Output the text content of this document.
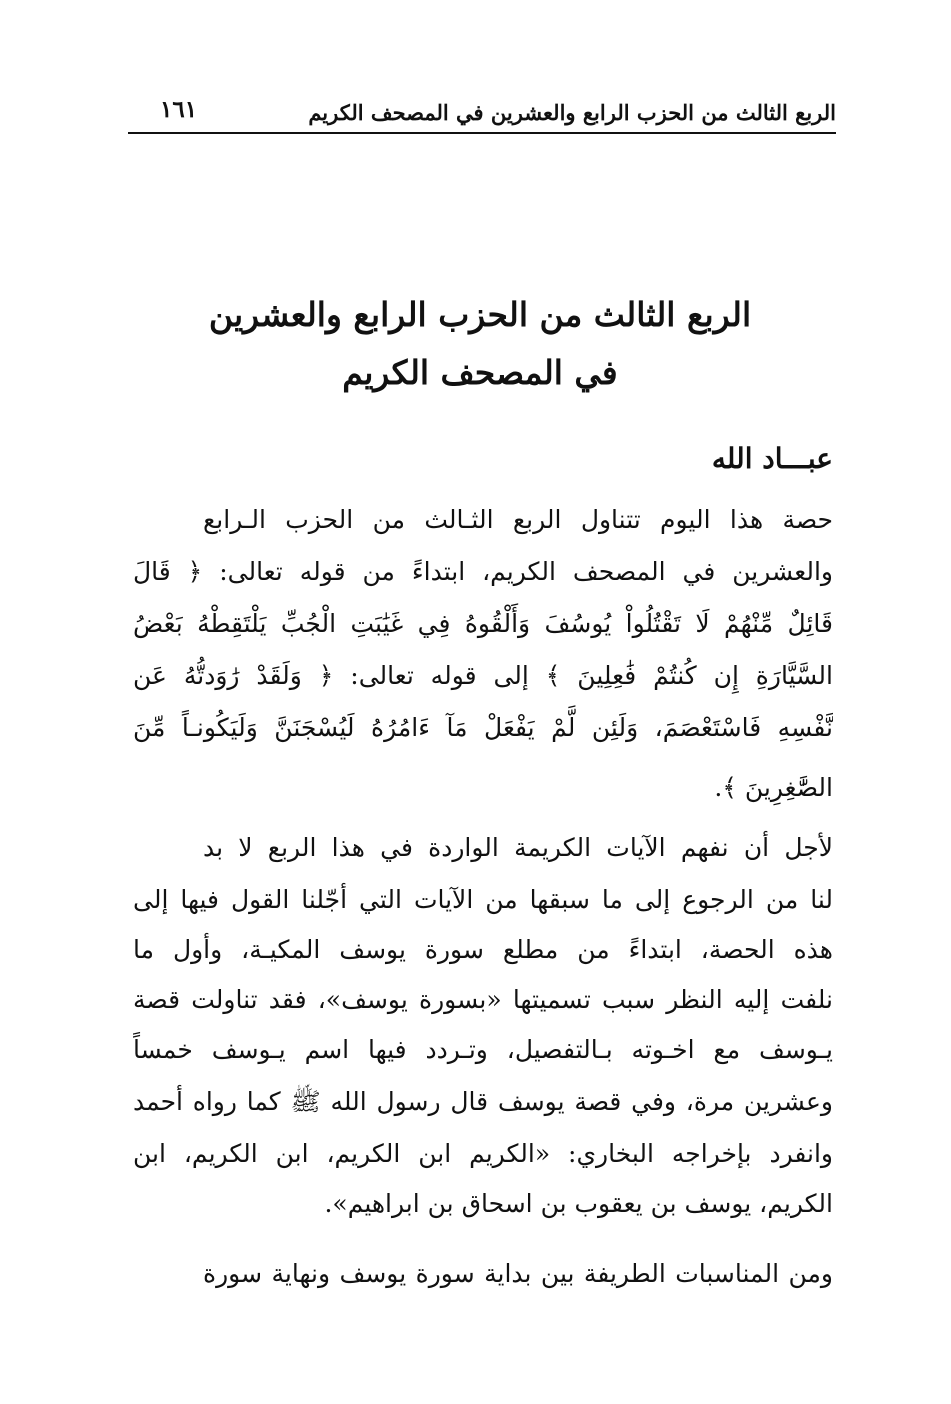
الربع الثالث من الحزب الرابع والعشرين في المصحف الكريم
١٦١
الربع الثالث من الحزب الرابع والعشرين
في المصحف الكريم
عبـــاد الله
حصة هذا اليوم تتناول الربع الثـالث من الحزب الـرابع
والعشرين في المصحف الكريم، ابتداءً من قوله تعالى: ﴿ قَالَ
قَائِلٌ مِّنْهُمْ لَا تَقْتُلُواْ يُوسُفَ وَأَلْقُوهُ فِي غَيَٰبَتِ الْجُبِّ يَلْتَقِطْهُ بَعْضُ
السَّيَّارَةِ إِن كُنتُمْ فَٰعِلِينَ ﴾ إلى قوله تعالى: ﴿ وَلَقَدْ رَٰوَدتُّهُ عَن
نَّفْسِهِ فَاسْتَعْصَمَ، وَلَئِن لَّمْ يَفْعَلْ مَآ ءَامُرُهُ لَيُسْجَنَنَّ وَلَيَكُونـاً مِّنَ
الصَّٰغِرِينَ ﴾.
لأجل أن نفهم الآيات الكريمة الواردة في هذا الربع لا بد
لنا من الرجوع إلى ما سبقها من الآيات التي أجّلنا القول فيها إلى
هذه الحصة، ابتداءً من مطلع سورة يوسف المكيـة، وأول ما
نلفت إليه النظر سبب تسميتها «بسورة يوسف»، فقد تناولت قصة
يـوسف مع اخـوته بـالتفصيل، وتـردد فيها اسم يـوسف خمساً
وعشرين مرة، وفي قصة يوسف قال رسول الله ﷺ كما رواه أحمد
وانفرد بإخراجه البخاري: «الكريم ابن الكريم، ابن الكريم، ابن
الكريم، يوسف بن يعقوب بن اسحاق بن ابراهيم».
ومن المناسبات الطريفة بين بداية سورة يوسف ونهاية سورة
